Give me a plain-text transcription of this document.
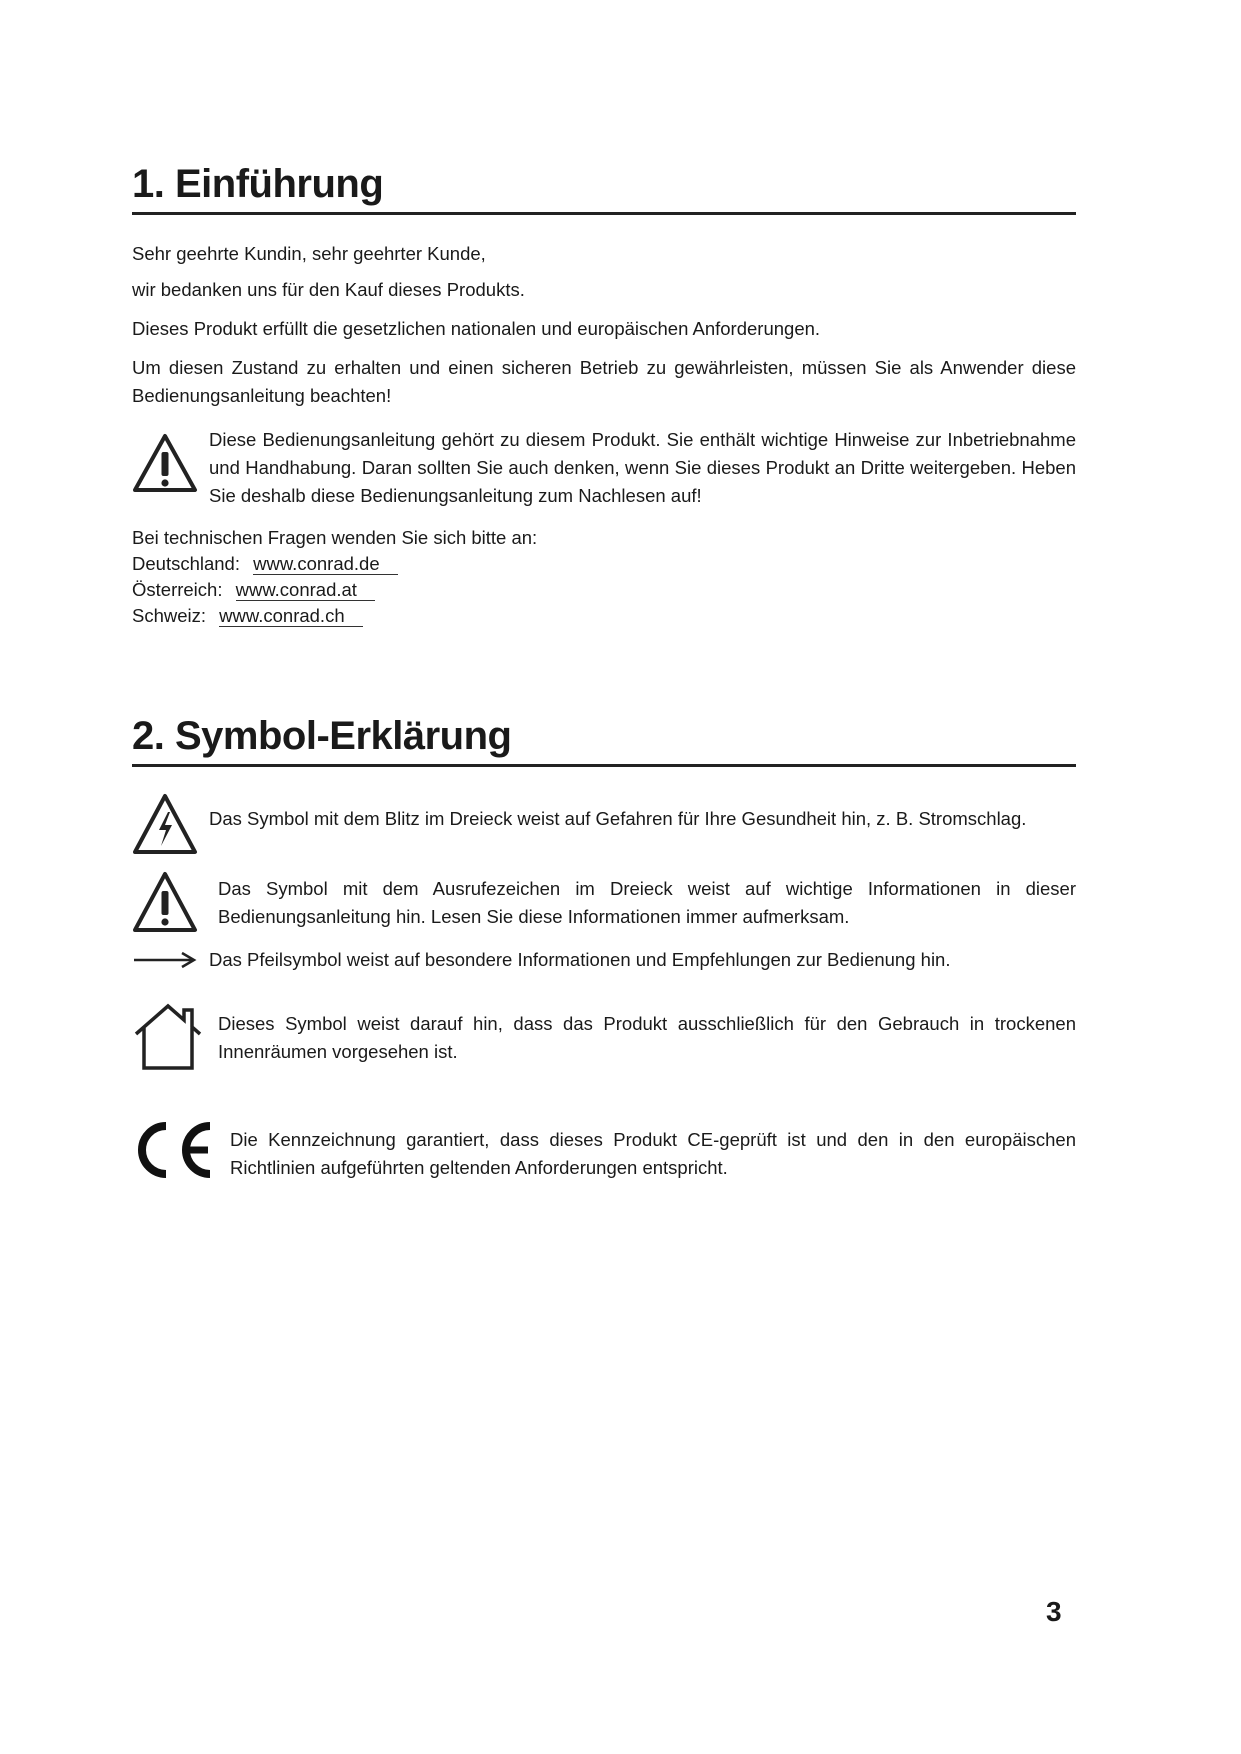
1. Einführung
Sehr geehrte Kundin, sehr geehrter Kunde,
wir bedanken uns für den Kauf dieses Produkts.
Dieses Produkt erfüllt die gesetzlichen nationalen und europäischen Anforderungen.
Um diesen Zustand zu erhalten und einen sicheren Betrieb zu gewährleisten, müssen Sie als Anwender diese Bedienungsanleitung beachten!
Diese Bedienungsanleitung gehört zu diesem Produkt. Sie enthält wichtige Hinweise zur Inbetriebnahme und Handhabung. Daran sollten Sie auch denken, wenn Sie dieses Produkt an Dritte weitergeben. Heben Sie deshalb diese Bedienungsanleitung zum Nachlesen auf!
Bei technischen Fragen wenden Sie sich bitte an:
Deutschland: www.conrad.de
Österreich: www.conrad.at
Schweiz: www.conrad.ch
2. Symbol-Erklärung
Das Symbol mit dem Blitz im Dreieck weist auf Gefahren für Ihre Gesundheit hin, z. B. Stromschlag.
Das Symbol mit dem Ausrufezeichen im Dreieck weist auf wichtige Informationen in dieser Bedienungsanleitung hin. Lesen Sie diese Informationen immer aufmerksam.
Das Pfeilsymbol weist auf besondere Informationen und Empfehlungen zur Bedienung hin.
Dieses Symbol weist darauf hin, dass das Produkt ausschließlich für den Gebrauch in trockenen Innenräumen vorgesehen ist.
Die Kennzeichnung garantiert, dass dieses Produkt CE-geprüft ist und den in den europäischen Richtlinien aufgeführten geltenden Anforderungen entspricht.
3
